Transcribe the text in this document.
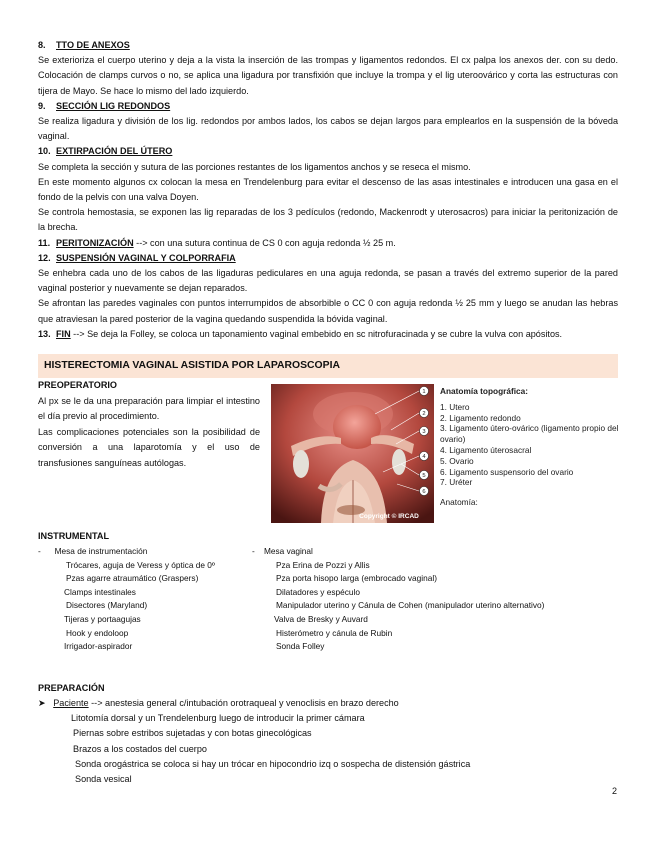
8. TTO DE ANEXOS

Se exterioriza el cuerpo uterino y deja a la vista la inserción de las trompas y ligamentos redondos. El cx palpa los anexos der. con su dedo. Colocación de clamps curvos o no, se aplica una ligadura por transfixión que incluye la trompa y el lig uteroovárico y corta las estructuras con tijera de Mayo. Se hace lo mismo del lado izquierdo.

9. SECCIÓN LIG REDONDOS

Se realiza ligadura y división de los lig. redondos por ambos lados, los cabos se dejan largos para emplearlos en la suspensión de la bóveda vaginal.

10. EXTIRPACIÓN DEL ÚTERO

Se completa la sección y sutura de las porciones restantes de los ligamentos anchos y se reseca el mismo.

En este momento algunos cx colocan la mesa en Trendelenburg para evitar el descenso de las asas intestinales e introducen una gasa en el fondo de la pelvis con una valva Doyen.

Se controla hemostasia, se exponen las lig reparadas de los 3 pedículos (redondo, Mackenrodt y uterosacros) para iniciar la peritonización de la brecha.

11. PERITONIZACIÓN --> con una sutura continua de CS 0 con aguja redonda ½ 25 m.

12. SUSPENSIÓN VAGINAL Y COLPORRAFIA

Se enhebra cada uno de los cabos de las ligaduras pediculares en una aguja redonda, se pasan a través del extremo superior de la pared vaginal posterior y nuevamente se dejan reparados.

Se afrontan las paredes vaginales con puntos interrumpidos de absorbible o CC 0 con aguja redonda ½ 25 mm y luego se anudan las hebras que atraviesan la pared posterior de la vagina quedando suspendida la bóvida vaginal.

13. FIN --> Se deja la Folley, se coloca un taponamiento vaginal embebido en sc nitrofuracinada y se cubre la vulva con apósitos.

HISTERECTOMIA VAGINAL ASISTIDA POR LAPAROSCOPIA
PREOPERATORIO

Al px se le da una preparación para limpiar el intestino el día previo al procedimiento.

Las complicaciones potenciales son la posibilidad de conversión a una laparotomía y el uso de transfusiones sanguíneas autólogas.

1
2
3
4
5
6
Copyright © IRCAD
Anatomía topográfica:
1. Utero
2. Ligamento redondo
3. Ligamento útero-ovárico (ligamento propio del ovario)
4. Ligamento úterosacral
5. Ovario
6. Ligamento suspensorio del ovario
7. Uréter
Anatomía:
INSTRUMENTAL
-      Mesa de instrumentación
Trócares, aguja de Veress y óptica de 0º
Pzas agarre atraumático (Graspers)
Clamps intestinales
Disectores (Maryland)
Tijeras y portaagujas
Hook y endoloop
Irrigador-aspirador
-    Mesa vaginal
Pza Erina de Pozzi y Allis
Pza porta hisopo larga (embrocado vaginal)
Dilatadores y espéculo
Manipulador uterino y Cánula de Cohen (manipulador uterino alternativo)
Valva de Bresky y Auvard
Histerómetro y cánula de Rubin
Sonda Folley
PREPARACIÓN
➤ Paciente --> anestesia general c/intubación orotraqueal y venoclisis en brazo derecho
Litotomía dorsal y un Trendelenburg luego de introducir la primer cámara
Piernas sobre estribos sujetadas y con botas ginecológicas
Brazos a los costados del cuerpo
Sonda orogástrica se coloca si hay un trócar en hipocondrio izq o sospecha de distensión gástrica
Sonda vesical
2
